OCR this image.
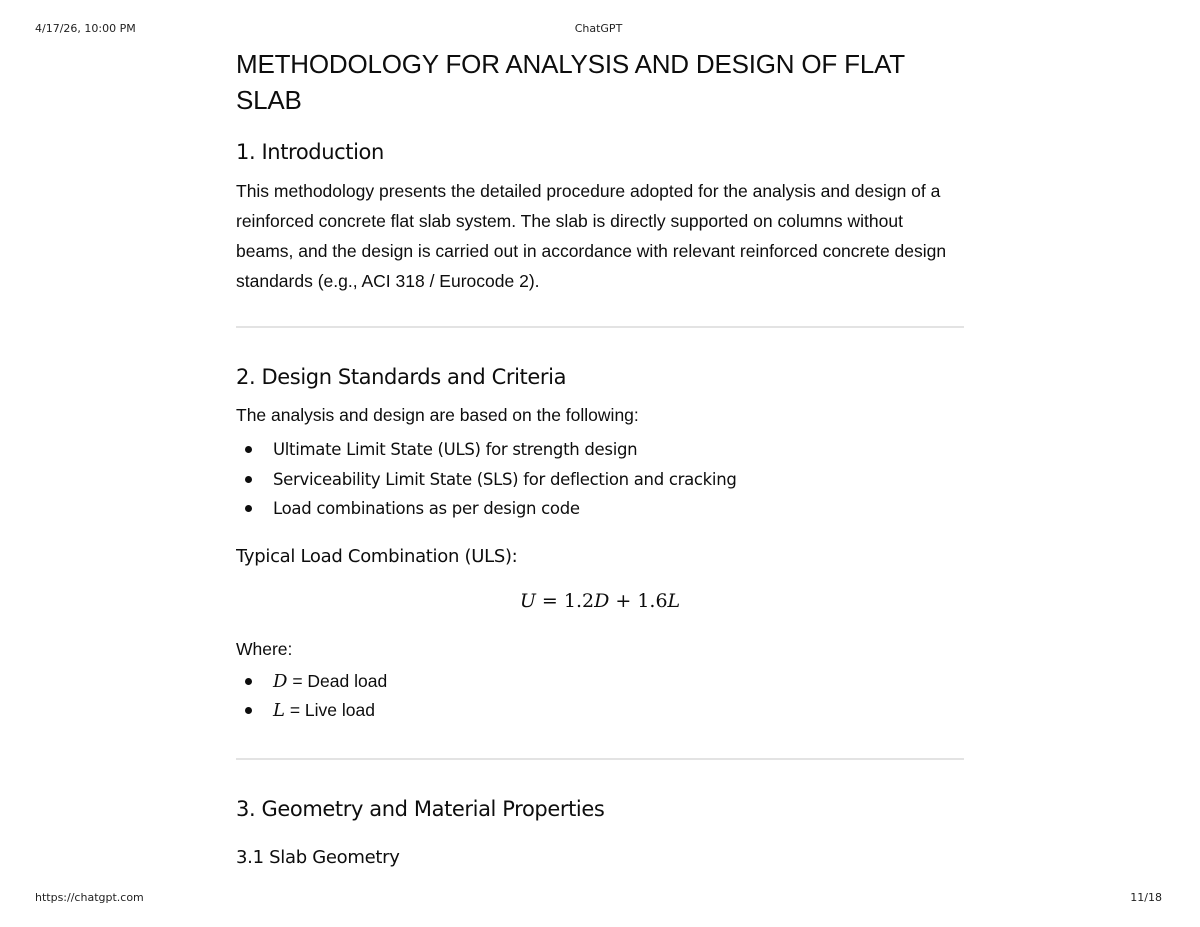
4/17/26, 10:00 PM	ChatGPT
METHODOLOGY FOR ANALYSIS AND DESIGN OF FLAT SLAB
1. Introduction

This methodology presents the detailed procedure adopted for the analysis and design of a reinforced concrete flat slab system. The slab is directly supported on columns without beams, and the design is carried out in accordance with relevant reinforced concrete design standards (e.g., ACI 318 / Eurocode 2).

2. Design Standards and Criteria

The analysis and design are based on the following:

Ultimate Limit State (ULS) for strength design
Serviceability Limit State (SLS) for deflection and cracking
Load combinations as per design code
Typical Load Combination (ULS):
U = 1.2D + 1.6L

Where:

D = Dead load
L = Live load
3. Geometry and Material Properties
3.1 Slab Geometry
https://chatgpt.com	11/18
